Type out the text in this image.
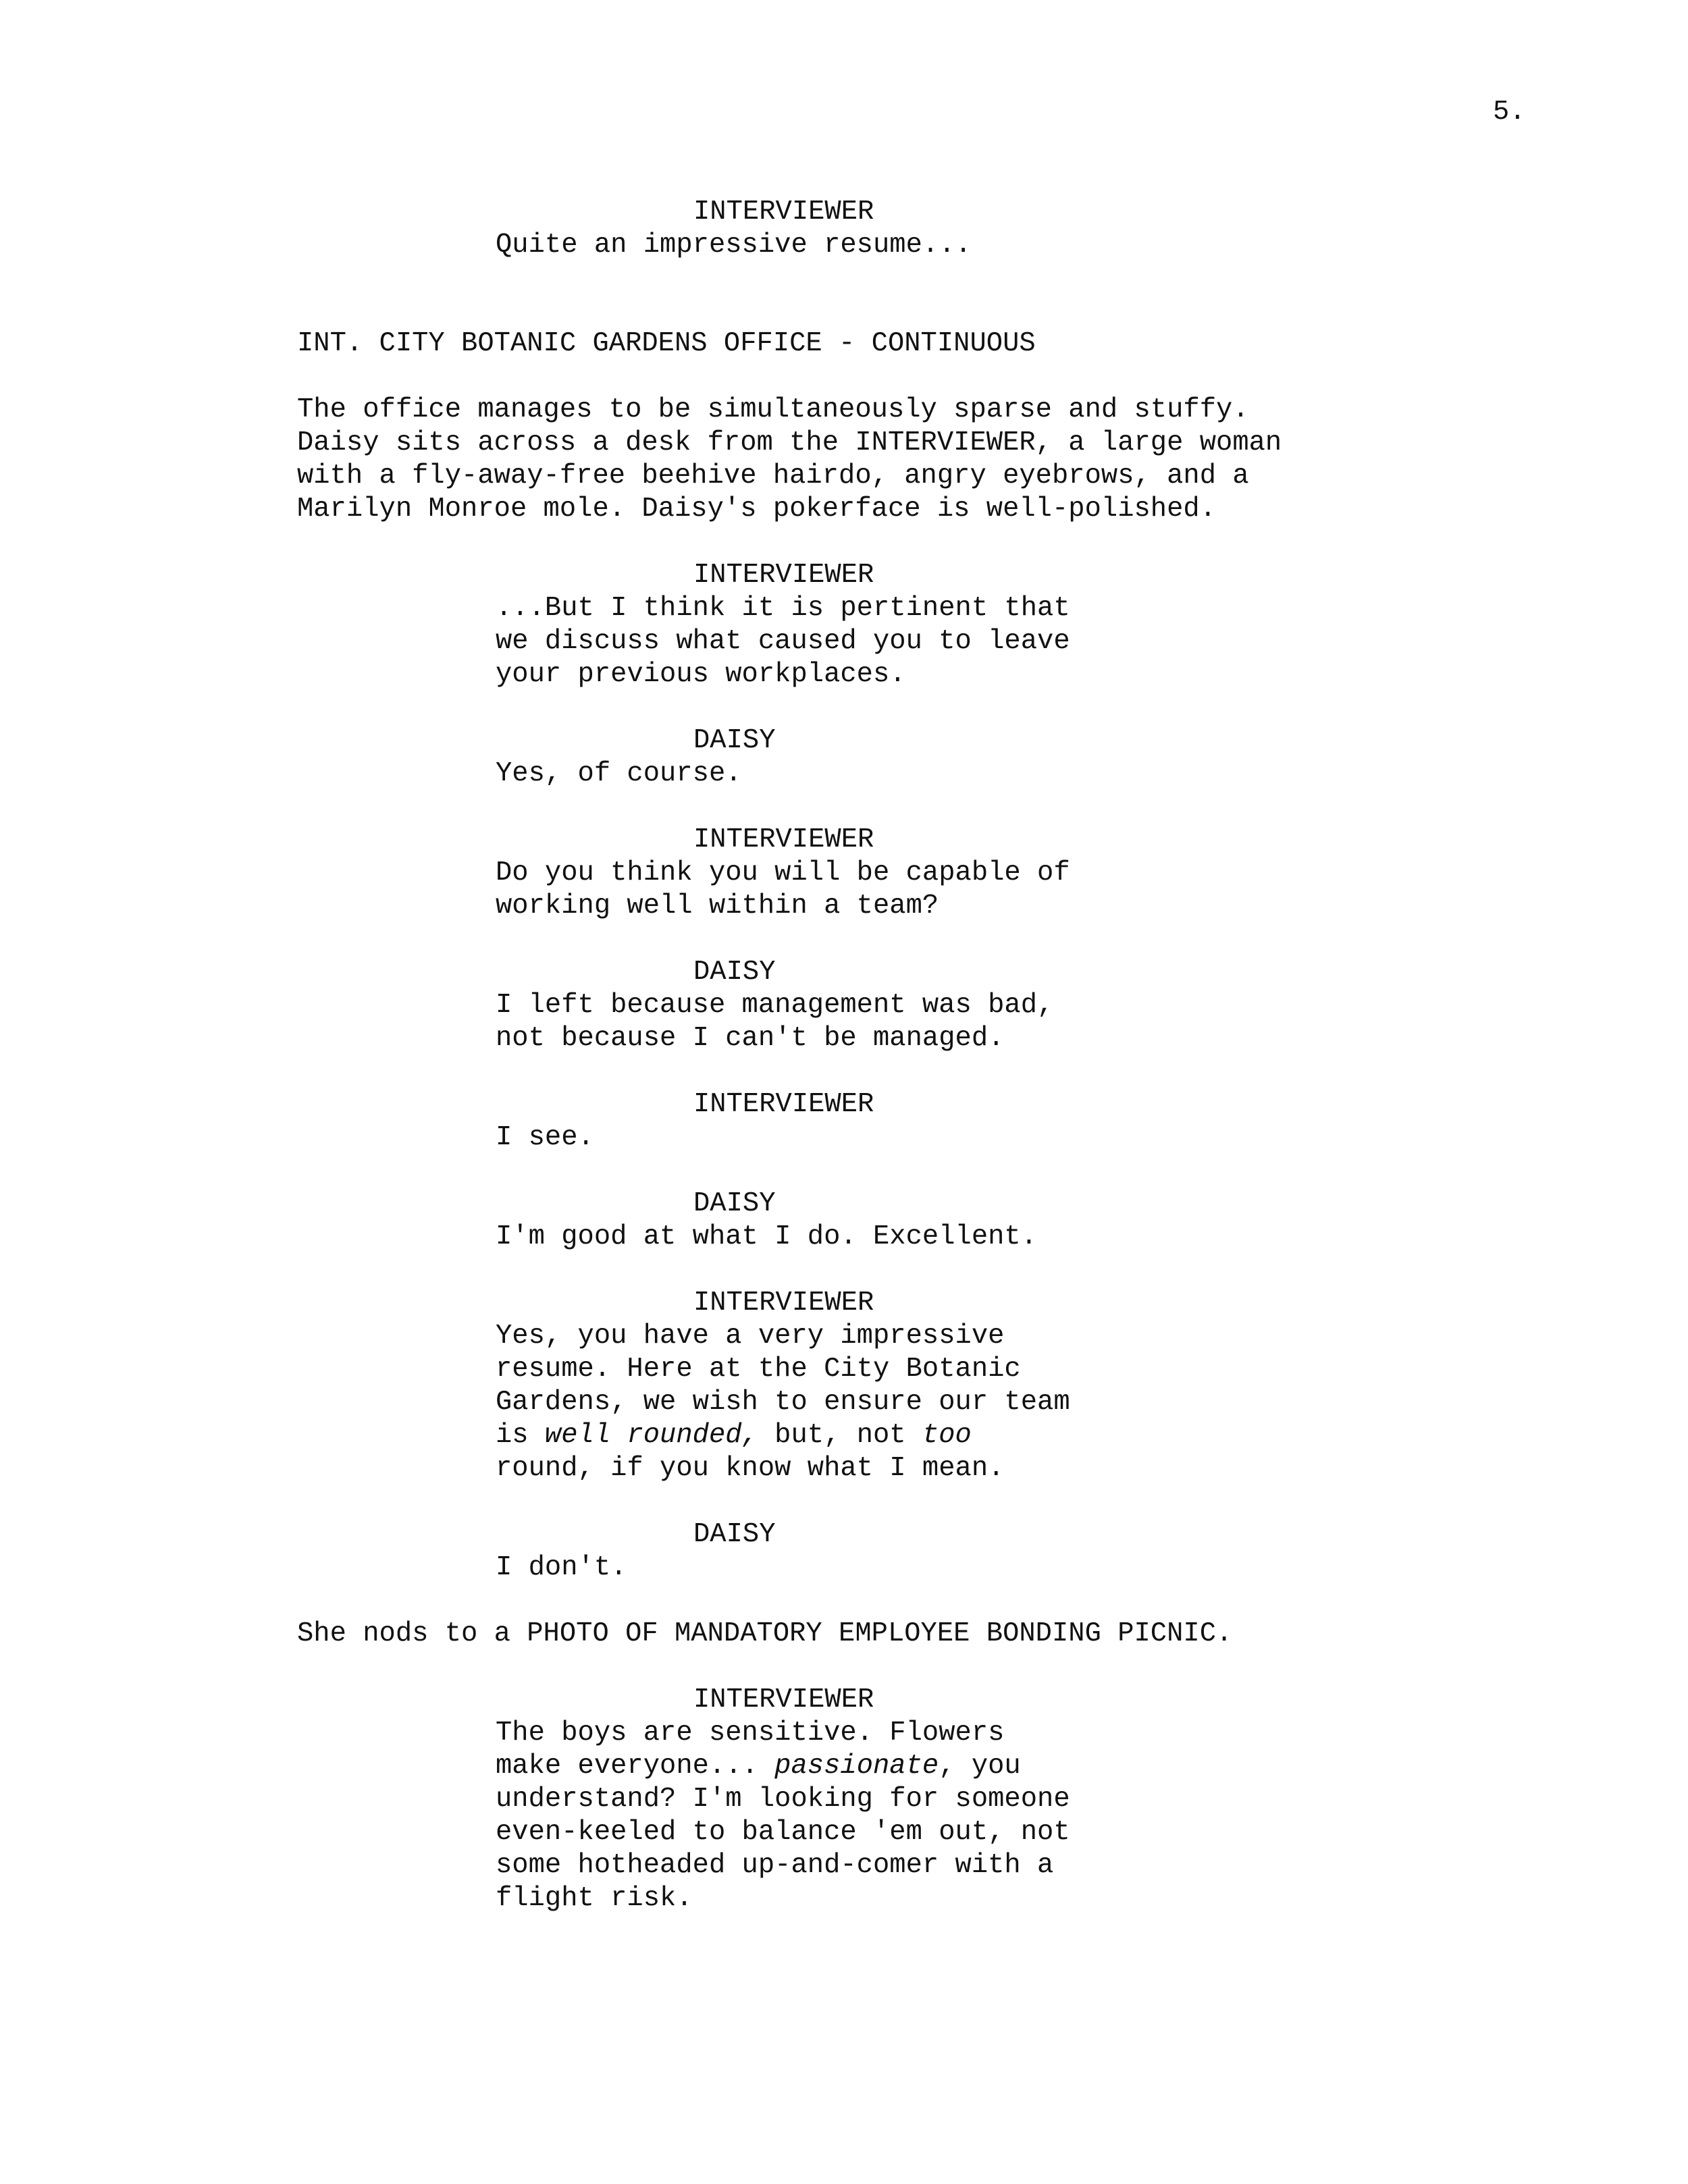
5.
INTERVIEWER
Quite an impressive resume...
INT. CITY BOTANIC GARDENS OFFICE - CONTINUOUS
The office manages to be simultaneously sparse and stuffy.
Daisy sits across a desk from the INTERVIEWER, a large woman
with a fly-away-free beehive hairdo, angry eyebrows, and a
Marilyn Monroe mole. Daisy's pokerface is well-polished.
INTERVIEWER
...But I think it is pertinent that
we discuss what caused you to leave
your previous workplaces.
DAISY
Yes, of course.
INTERVIEWER
Do you think you will be capable of
working well within a team?
DAISY
I left because management was bad,
not because I can't be managed.
INTERVIEWER
I see.
DAISY
I'm good at what I do. Excellent.
INTERVIEWER
Yes, you have a very impressive
resume. Here at the City Botanic
Gardens, we wish to ensure our team
is well rounded, but, not too
round, if you know what I mean.
DAISY
I don't.
She nods to a PHOTO OF MANDATORY EMPLOYEE BONDING PICNIC.
INTERVIEWER
The boys are sensitive. Flowers
make everyone... passionate, you
understand? I'm looking for someone
even-keeled to balance 'em out, not
some hotheaded up-and-comer with a
flight risk.
